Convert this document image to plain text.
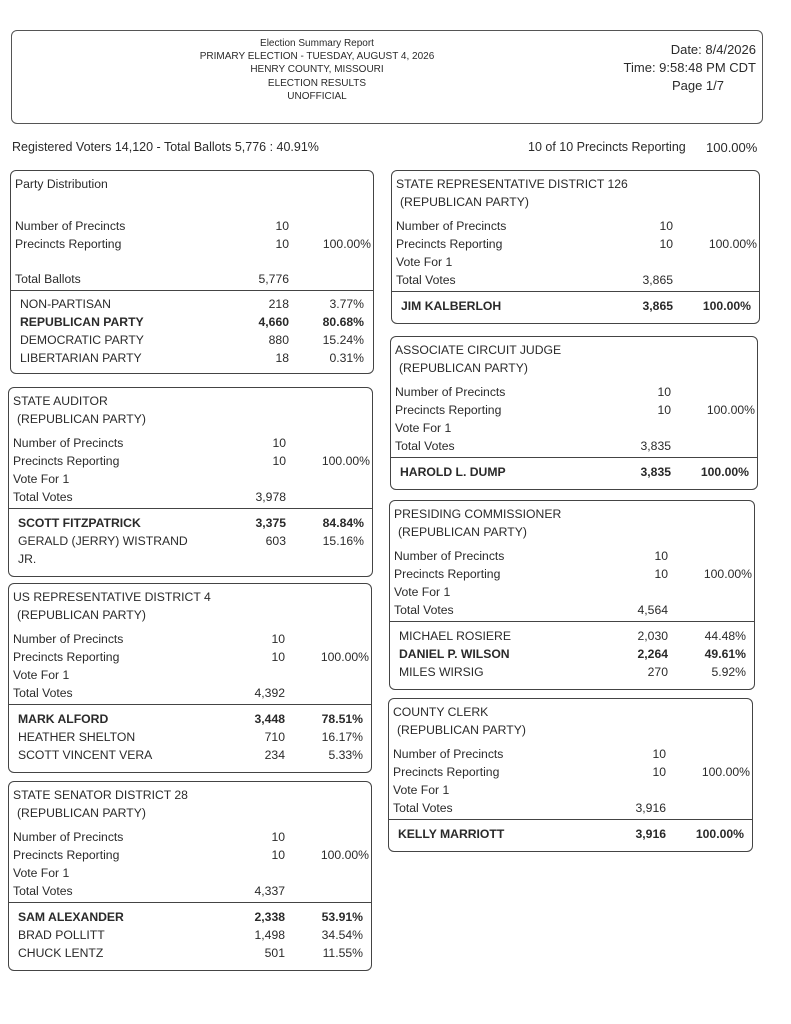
Election Summary Report
PRIMARY ELECTION - TUESDAY, AUGUST 4, 2026
HENRY COUNTY, MISSOURI
ELECTION RESULTS
UNOFFICIAL
Date: 8/4/2026
Time: 9:58:48 PM CDT
Page 1/7
Registered Voters 14,120 - Total Ballots 5,776 : 40.91%	10 of 10 Precincts Reporting 100.00%
Party Distribution
Number of Precincts	10
Precincts Reporting	10	100.00%
Total Ballots	5,776
NON-PARTISAN	218	3.77%
REPUBLICAN PARTY	4,660	80.68%
DEMOCRATIC PARTY	880	15.24%
LIBERTARIAN PARTY	18	0.31%
STATE AUDITOR
(REPUBLICAN PARTY)
Number of Precincts	10
Precincts Reporting	10	100.00%
Vote For 1
Total Votes	3,978
SCOTT FITZPATRICK	3,375	84.84%
GERALD (JERRY) WISTRAND	603	15.16%
JR.
US REPRESENTATIVE DISTRICT 4
(REPUBLICAN PARTY)
Number of Precincts	10
Precincts Reporting	10	100.00%
Vote For 1
Total Votes	4,392
MARK ALFORD	3,448	78.51%
HEATHER SHELTON	710	16.17%
SCOTT VINCENT VERA	234	5.33%
STATE SENATOR DISTRICT 28
(REPUBLICAN PARTY)
Number of Precincts	10
Precincts Reporting	10	100.00%
Vote For 1
Total Votes	4,337
SAM ALEXANDER	2,338	53.91%
BRAD POLLITT	1,498	34.54%
CHUCK LENTZ	501	11.55%
STATE REPRESENTATIVE DISTRICT 126
(REPUBLICAN PARTY)
Number of Precincts	10
Precincts Reporting	10	100.00%
Vote For 1
Total Votes	3,865
JIM KALBERLOH	3,865 100.00%
ASSOCIATE CIRCUIT JUDGE
(REPUBLICAN PARTY)
Number of Precincts	10
Precincts Reporting	10	100.00%
Vote For 1
Total Votes	3,835
HAROLD L. DUMP	3,835 100.00%
PRESIDING COMMISSIONER
(REPUBLICAN PARTY)
Number of Precincts	10
Precincts Reporting	10	100.00%
Vote For 1
Total Votes	4,564
MICHAEL ROSIERE	2,030	44.48%
DANIEL P. WILSON	2,264	49.61%
MILES WIRSIG	270	5.92%
COUNTY CLERK
(REPUBLICAN PARTY)
Number of Precincts	10
Precincts Reporting	10	100.00%
Vote For 1
Total Votes	3,916
KELLY MARRIOTT	3,916 100.00%
